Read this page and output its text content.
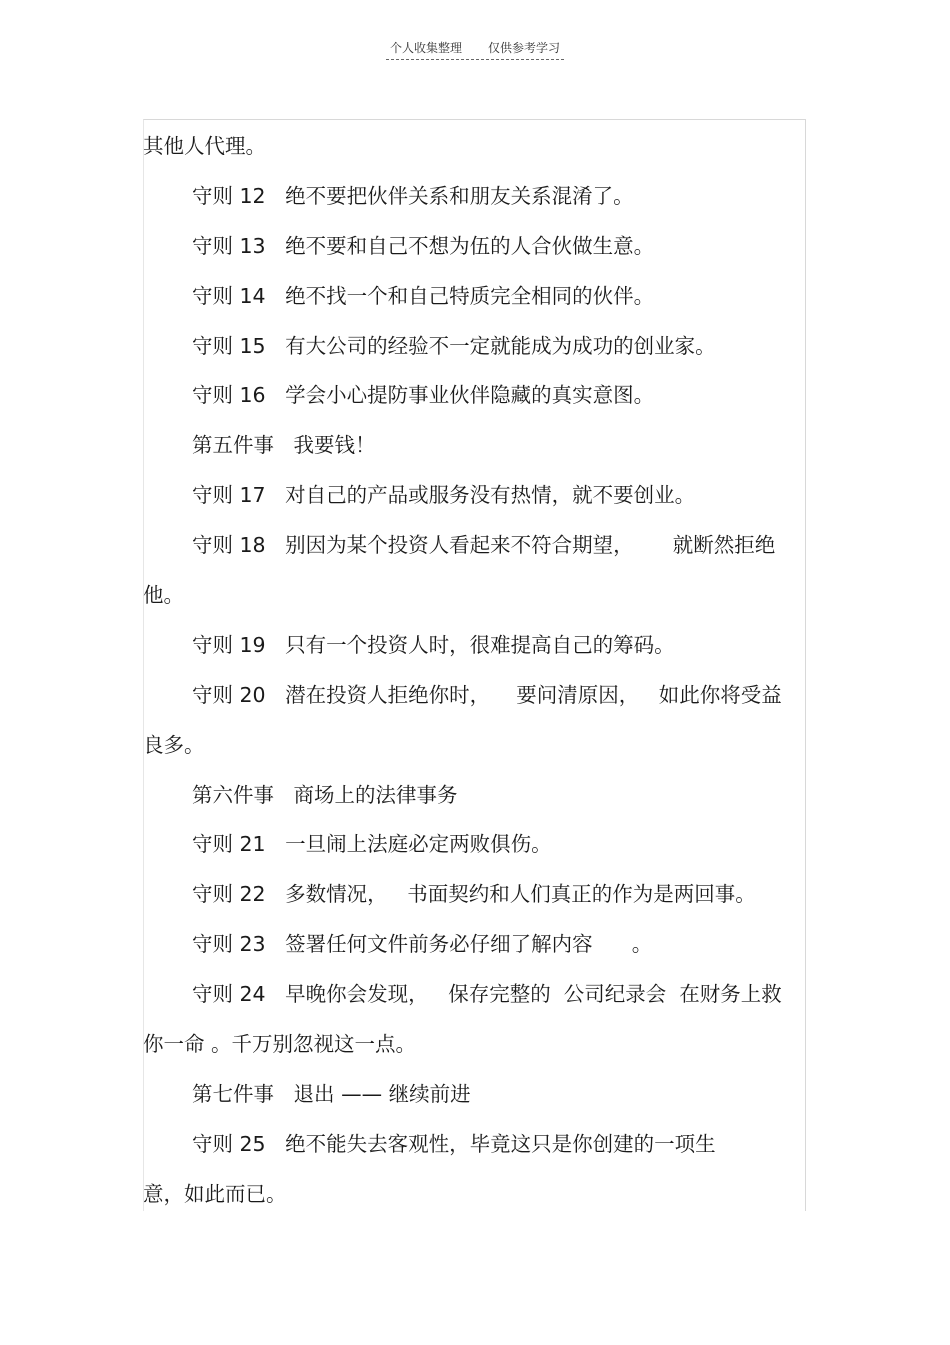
个人收集整理 仅供参考学习
其他人代理。
守则 12   绝不要把伙伴关系和朋友关系混淆了。
守则 13   绝不要和自己不想为伍的人合伙做生意。
守则 14   绝不找一个和自己特质完全相同的伙伴。
守则 15   有大公司的经验不一定就能成为成功的创业家。
守则 16   学会小心提防事业伙伴隐藏的真实意图。
第五件事   我要钱！
守则 17   对自己的产品或服务没有热情，就不要创业。
守则 18   别因为某个投资人看起来不符合期望，      就断然拒绝
他。
守则 19   只有一个投资人时，很难提高自己的筹码。
守则 20   潜在投资人拒绝你时，    要问清原因，   如此你将受益
良多。
第六件事   商场上的法律事务
守则 21   一旦闹上法庭必定两败俱伤。
守则 22   多数情况，   书面契约和人们真正的作为是两回事。
守则 23   签署任何文件前务必仔细了解内容      。
守则 24   早晚你会发现，   保存完整的  公司纪录会  在财务上救
你一命 。千万别忽视这一点。
第七件事   退出 —— 继续前进
守则 25   绝不能失去客观性，毕竟这只是你创建的一项生
意，如此而已。
